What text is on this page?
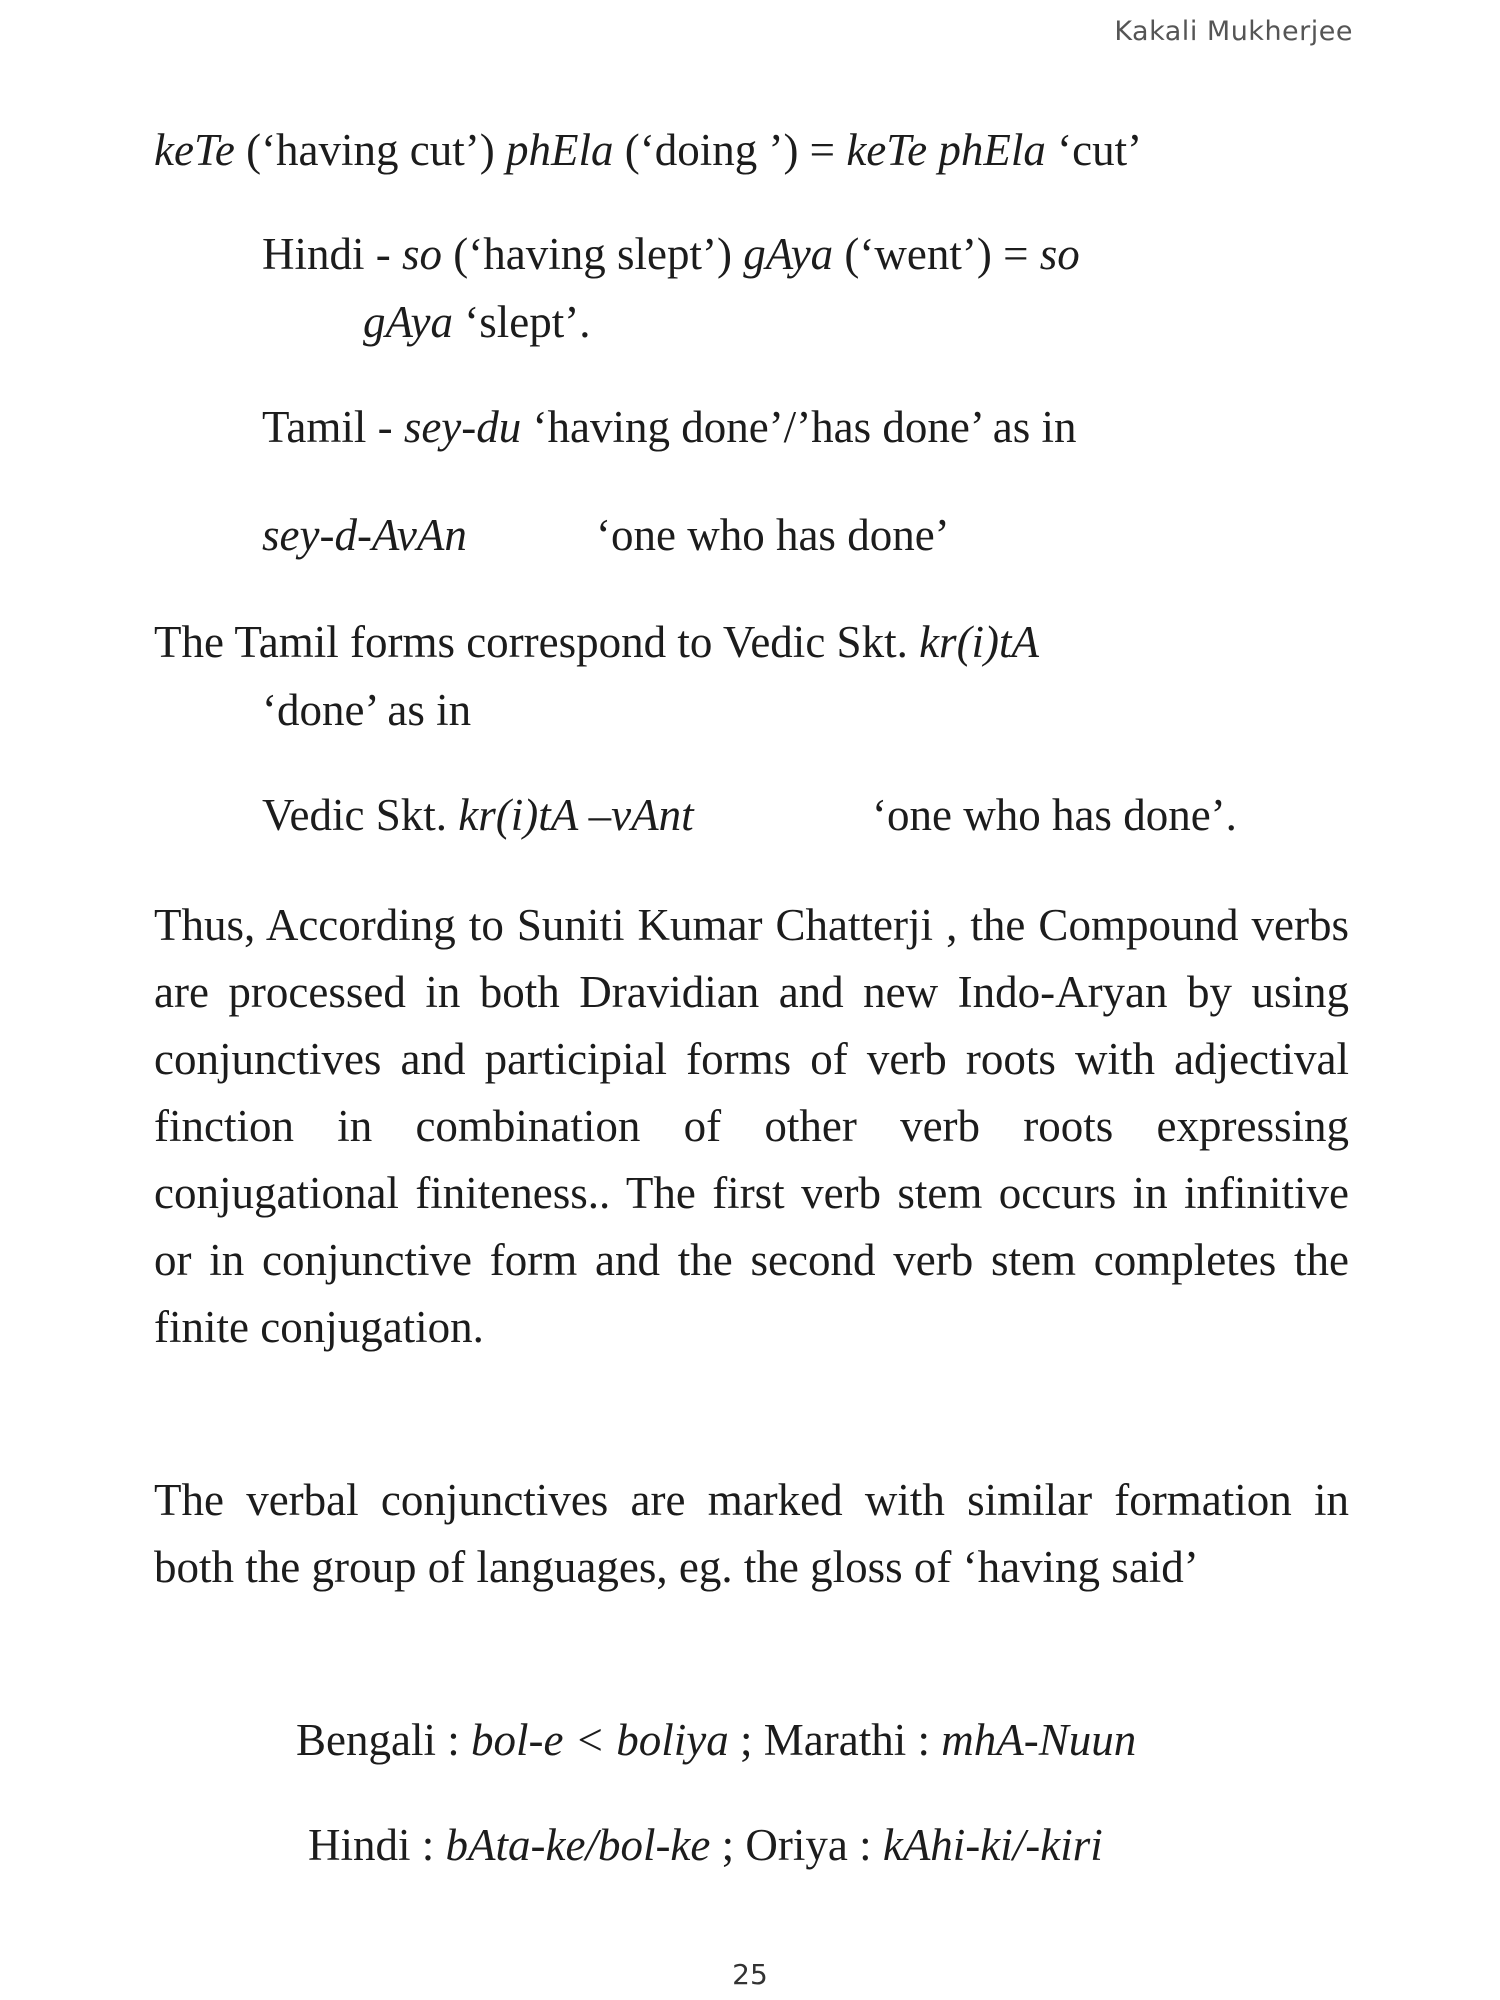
Kakali Mukherjee
keTe (‘having cut’) phEla (‘doing ’) = keTe phEla ‘cut’
Hindi - so (‘having slept’) gAya (‘went’) = so
gAya ‘slept’.
Tamil - sey-du ‘having done’/’has done’ as in
sey-d-AvAn	‘one who has done’
The Tamil forms correspond to Vedic Skt. kr(i)tA
‘done’ as in
Vedic Skt. kr(i)tA –vAnt	‘one who has done’.
Thus, According to Suniti Kumar Chatterji , the Compound verbs are processed in both Dravidian and new Indo-Aryan by using conjunctives and participial forms of verb roots with adjectival finction in combination of other verb roots expressing conjugational finiteness.. The first verb stem occurs in infinitive or in conjunctive form and the second verb stem completes the finite conjugation.
The verbal conjunctives are marked with similar formation in both the group of languages, eg. the gloss of ‘having said’
Bengali : bol-e < boliya ; Marathi : mhA-Nuun
Hindi : bAta-ke/bol-ke ; Oriya : kAhi-ki/-kiri
25
